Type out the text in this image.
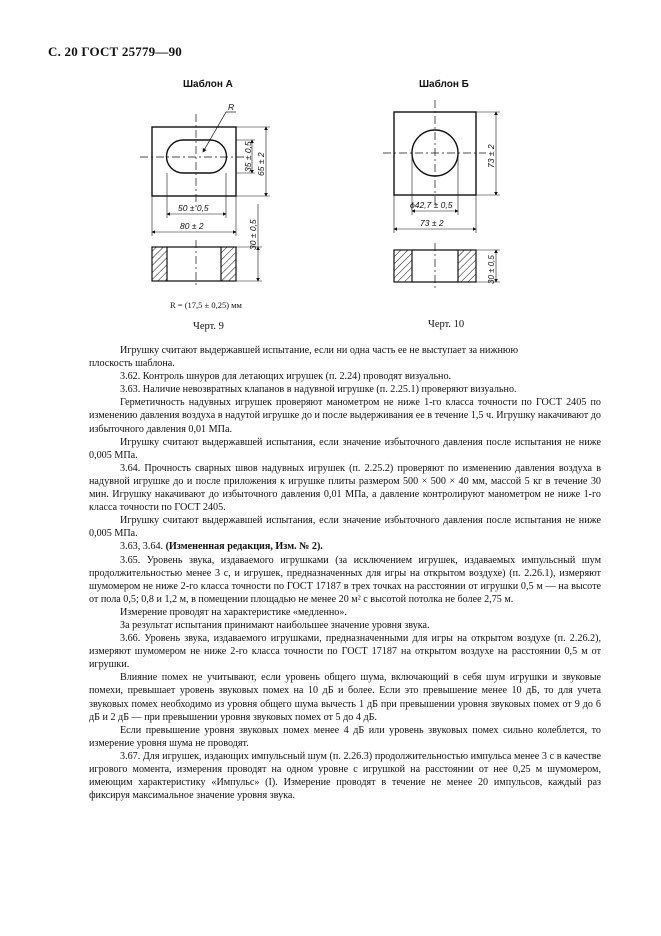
С. 20 ГОСТ 25779—90
Шаблон А	Шаблон Б
R
35 ± 0,5 65 ± 2
50 ± 0,5
80 ± 2	30 ± 0,5
73 ± 2
ϕ42,7 ± 0,5
73 ± 2
30 ± 0,5
R = (17,5 ± 0,25) мм
Черт. 9	Черт. 10

Игрушку считают выдержавшей испытание, если ни одна часть ее не выступает за нижнюю

плоскость шаблона.

3.62. Контроль шнуров для летающих игрушек (п. 2.24) проводят визуально.

3.63. Наличие невозвратных клапанов в надувной игрушке (п. 2.25.1) проверяют визуально.

Герметичность надувных игрушек проверяют манометром не ниже 1-го класса точности по ГОСТ 2405 по изменению давления воздуха в надутой игрушке до и после выдерживания ее в течение 1,5 ч. Игрушку накачивают до избыточного давления 0,01 МПа.

Игрушку считают выдержавшей испытания, если значение избыточного давления после испытания не ниже 0,005 МПа.

3.64. Прочность сварных швов надувных игрушек (п. 2.25.2) проверяют по изменению давления воздуха в надувной игрушке до и после приложения к игрушке плиты размером 500 × 500 × 40 мм, массой 5 кг в течение 30 мин. Игрушку накачивают до избыточного давления 0,01 МПа, а давление контролируют манометром не ниже 1-го класса точности по ГОСТ 2405.

Игрушку считают выдержавшей испытания, если значение избыточного давления после испытания не ниже 0,005 МПа.

3.63, 3.64. (Измененная редакция, Изм. № 2).

3.65. Уровень звука, издаваемого игрушками (за исключением игрушек, издаваемых импульсный шум продолжительностью менее 3 с, и игрушек, предназначенных для игры на открытом воздухе) (п. 2.26.1), измеряют шумомером не ниже 2-го класса точности по ГОСТ 17187 в трех точках на расстоянии от игрушки 0,5 м — на высоте от пола 0,5; 0,8 и 1,2 м, в помещении площадью не менее 20 м² с высотой потолка не более 2,75 м.

Измерение проводят на характеристике «медленно».

За результат испытания принимают наибольшее значение уровня звука.

3.66. Уровень звука, издаваемого игрушками, предназначенными для игры на открытом воздухе (п. 2.26.2), измеряют шумомером не ниже 2-го класса точности по ГОСТ 17187 на открытом воздухе на расстоянии 0,5 м от игрушки.

Влияние помех не учитывают, если уровень общего шума, включающий в себя шум игрушки и звуковые помехи, превышает уровень звуковых помех на 10 дБ и более. Если это превышение менее 10 дБ, то для учета звуковых помех необходимо из уровня общего шума вычесть 1 дБ при превышении уровня звуковых помех от 9 до 6 дБ и 2 дБ — при превышении уровня звуковых помех от 5 до 4 дБ.

Если превышение уровня звуковых помех менее 4 дБ или уровень звуковых помех сильно колеблется, то измерение уровня шума не проводят.

3.67. Для игрушек, издающих импульсный шум (п. 2.26.3) продолжительностью импульса менее 3 с в качестве игрового момента, измерения проводят на одном уровне с игрушкой на расстоянии от нее 0,25 м шумомером, имеющим характеристику «Импульс» (I). Измерение проводят в течение не менее 20 импульсов, каждый раз фиксируя максимальное значение уровня звука.
